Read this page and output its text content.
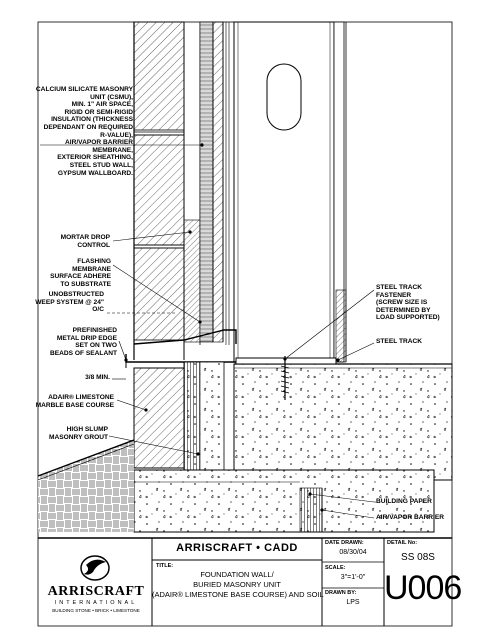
CALCIUM SILICATE MASONRY
UNIT (CSMU),
MIN. 1" AIR SPACE,
RIGID OR SEMI-RIGID
INSULATION (THICKNESS
DEPENDANT ON REQUIRED
R-VALUE),
AIR/VAPOR BARRIER
MEMBRANE,
EXTERIOR SHEATHING,
STEEL STUD WALL,
GYPSUM WALLBOARD.
MORTAR DROP
CONTROL
FLASHING MEMBRANE
SURFACE ADHERE
TO SUBSTRATE
UNOBSTRUCTED
WEEP SYSTEM @ 24" O/C
PREFINISHED
METAL DRIP EDGE
SET ON TWO
BEADS OF SEALANT
3/8 MIN.
ADAIR® LIMESTONE
MARBLE BASE COURSE
HIGH SLUMP
MASONRY GROUT
STEEL TRACK FASTENER
(SCREW SIZE IS
DETERMINED BY
LOAD SUPPORTED)
STEEL TRACK
BUILDING PAPER
AIR/VAPOR BARRIER
ARRISCRAFT
INTERNATIONAL
BUILDING STONE • BRICK • LIMESTONE
ARRISCRAFT • CADD
TITLE:
FOUNDATION WALL/
BURIED MASONRY UNIT
(ADAIR® LIMESTONE BASE COURSE) AND SOIL
DATE DRAWN:
08/30/04
SCALE:
3"=1'-0"
DRAWN BY:
LPS
DETAIL No:
SS 08S
U006
